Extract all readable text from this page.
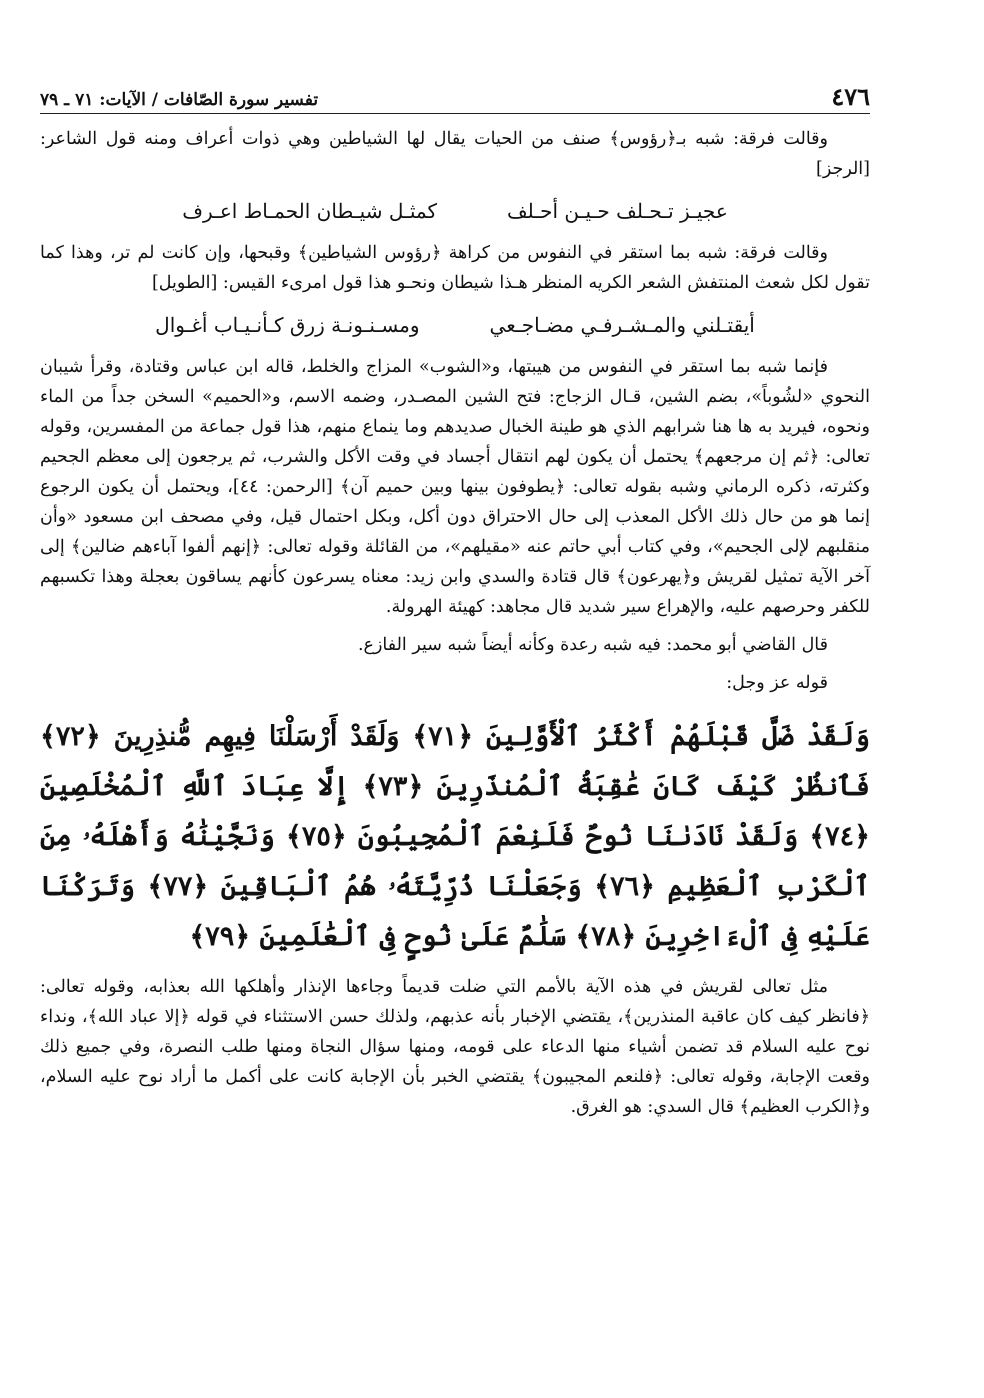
٤٧٦
تفسير سورة الصّافات / الآيات: ٧١ ـ ٧٩

وقالت فرقة: شبه بـ﴿رؤوس﴾ صنف من الحيات يقال لها الشياطين وهي ذوات أعراف ومنه قول الشاعر: [الرجز]

عجيـز تـحـلف حـيـن أحـلف
كمثـل شيـطان الحمـاط اعـرف

وقالت فرقة: شبه بما استقر في النفوس من كراهة ﴿رؤوس الشياطين﴾ وقبحها، وإن كانت لم تر، وهذا كما تقول لكل شعث المنتفش الشعر الكريه المنظر هـذا شيطان ونحـو هذا قول امرىء القيس: [الطويل]

أيقتـلني والمـشـرفـي مضـاجـعي
ومسـنـونـة زرق كـأنـيـاب أغـوال

فإنما شبه بما استقر في النفوس من هيبتها، و«الشوب» المزاج والخلط، قاله ابن عباس وقتادة، وقرأ شيبان النحوي «لشُوباً»، بضم الشين، قـال الزجاج: فتح الشين المصـدر، وضمه الاسم، و«الحميم» السخن جداً من الماء ونحوه، فيريد به ها هنا شرابهم الذي هو طينة الخبال صديدهم وما ينماع منهم، هذا قول جماعة من المفسرين، وقوله تعالى: ﴿ثم إن مرجعهم﴾ يحتمل أن يكون لهم انتقال أجساد في وقت الأكل والشرب، ثم يرجعون إلى معظم الجحيم وكثرته، ذكره الرماني وشبه بقوله تعالى: ﴿يطوفون بينها وبين حميم آن﴾ [الرحمن: ٤٤]، ويحتمل أن يكون الرجوع إنما هو من حال ذلك الأكل المعذب إلى حال الاحتراق دون أكل، وبكل احتمال قيل، وفي مصحف ابن مسعود «وأن منقلبهم لإلى الجحيم»، وفي كتاب أبي حاتم عنه «مقيلهم»، من القائلة وقوله تعالى: ﴿إنهم ألفوا آباءهم ضالين﴾ إلى آخر الآية تمثيل لقريش و﴿يهرعون﴾ قال قتادة والسدي وابن زيد: معناه يسرعون كأنهم يساقون بعجلة وهذا تكسبهم للكفر وحرصهم عليه، والإهراع سير شديد قال مجاهد: كهيئة الهرولة.

قال القاضي أبو محمد: فيه شبه رعدة وكأنه أيضاً شبه سير الفازع.

قوله عز وجل:

وَلَقَدْ ضَلَّ قَبْلَهُمْ أَكْثَرُ ٱلْأَوَّلِينَ ﴿٧١﴾ وَلَقَدْ أَرْسَلْنَا فِيهِم مُّنذِرِينَ ﴿٧٢﴾ فَٱنظُرْ كَيْفَ كَانَ عَٰقِبَةُ ٱلْمُنذَرِينَ ﴿٧٣﴾ إِلَّا عِبَادَ ٱللَّهِ ٱلْمُخْلَصِينَ ﴿٧٤﴾ وَلَقَدْ نَادَىٰنَا نُوحٌ فَلَنِعْمَ ٱلْمُجِيبُونَ ﴿٧٥﴾ وَنَجَّيْنَٰهُ وَأَهْلَهُۥ مِنَ ٱلْكَرْبِ ٱلْعَظِيمِ ﴿٧٦﴾ وَجَعَلْنَا ذُرِّيَّتَهُۥ هُمُ ٱلْبَاقِينَ ﴿٧٧﴾ وَتَرَكْنَا عَلَيْهِ فِى ٱلْءَاخِرِينَ ﴿٧٨﴾ سَلَٰمٌ عَلَىٰ نُوحٍ فِى ٱلْعَٰلَمِينَ ﴿٧٩﴾

مثل تعالى لقريش في هذه الآية بالأمم التي ضلت قديماً وجاءها الإنذار وأهلكها الله بعذابه، وقوله تعالى: ﴿فانظر كيف كان عاقبة المنذرين﴾، يقتضي الإخبار بأنه عذبهم، ولذلك حسن الاستثناء في قوله ﴿إلا عباد الله﴾، ونداء نوح عليه السلام قد تضمن أشياء منها الدعاء على قومه، ومنها سؤال النجاة ومنها طلب النصرة، وفي جميع ذلك وقعت الإجابة، وقوله تعالى: ﴿فلنعم المجيبون﴾ يقتضي الخبر بأن الإجابة كانت على أكمل ما أراد نوح عليه السلام، و﴿الكرب العظيم﴾ قال السدي: هو الغرق.
